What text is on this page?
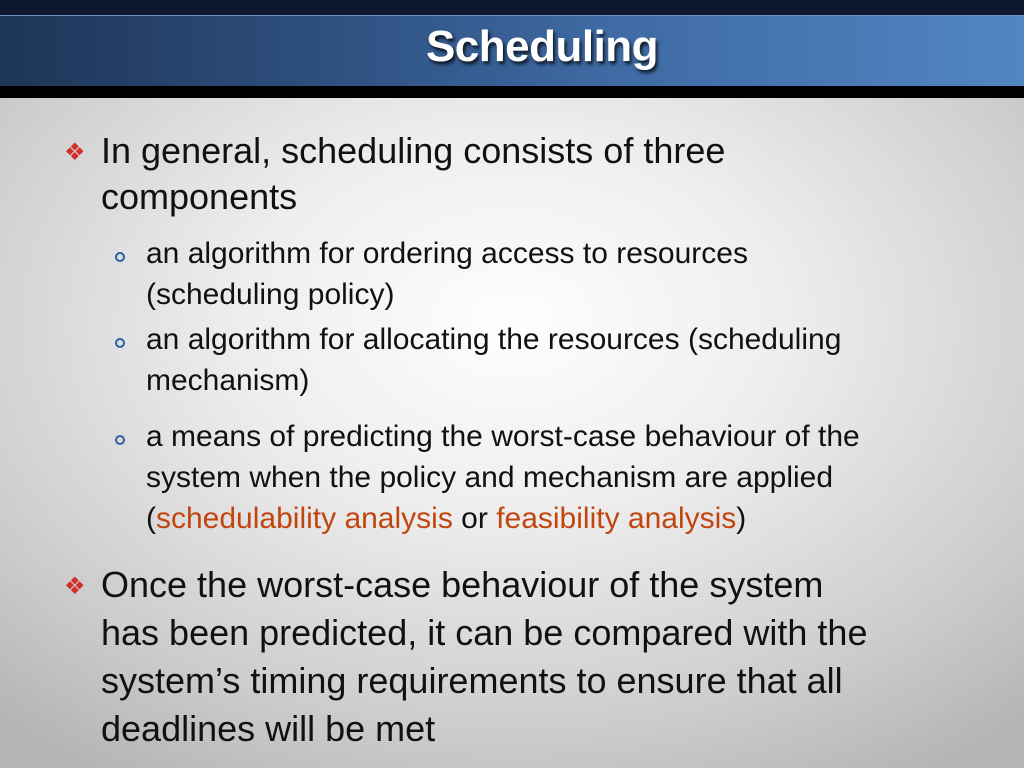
Scheduling
❖ In general, scheduling consists of three
components
an algorithm for ordering access to resources
(scheduling policy)
an algorithm for allocating the resources (scheduling
mechanism)
a means of predicting the worst-case behaviour of the
system when the policy and mechanism are applied
(schedulability analysis or feasibility analysis)
❖ Once the worst-case behaviour of the system
has been predicted, it can be compared with the
system’s timing requirements to ensure that all
deadlines will be met
